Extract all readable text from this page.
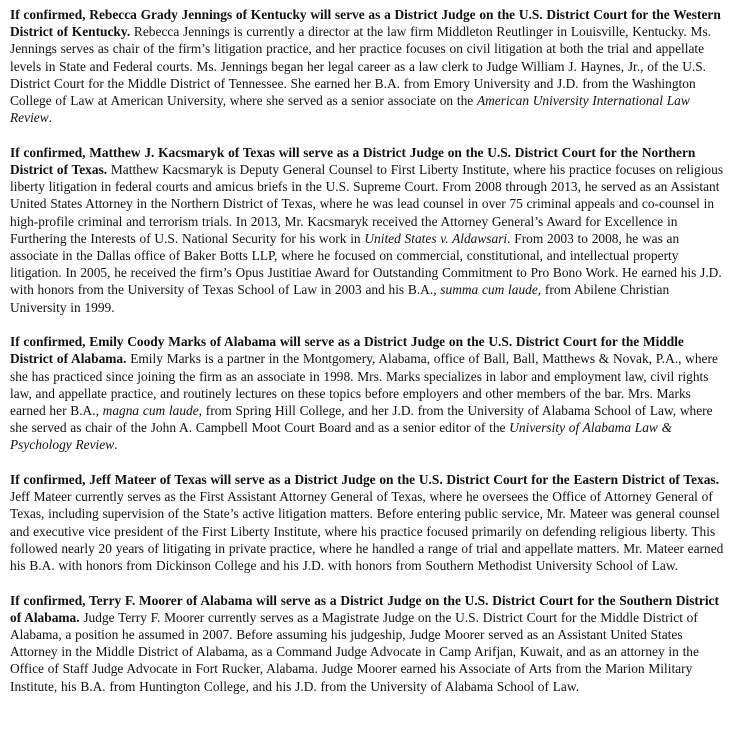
If confirmed, Rebecca Grady Jennings of Kentucky will serve as a District Judge on the U.S. District Court for the Western District of Kentucky. Rebecca Jennings is currently a director at the law firm Middleton Reutlinger in Louisville, Kentucky. Ms. Jennings serves as chair of the firm’s litigation practice, and her practice focuses on civil litigation at both the trial and appellate levels in State and Federal courts. Ms. Jennings began her legal career as a law clerk to Judge William J. Haynes, Jr., of the U.S. District Court for the Middle District of Tennessee. She earned her B.A. from Emory University and J.D. from the Washington College of Law at American University, where she served as a senior associate on the American University International Law Review.

If confirmed, Matthew J. Kacsmaryk of Texas will serve as a District Judge on the U.S. District Court for the Northern District of Texas. Matthew Kacsmaryk is Deputy General Counsel to First Liberty Institute, where his practice focuses on religious liberty litigation in federal courts and amicus briefs in the U.S. Supreme Court. From 2008 through 2013, he served as an Assistant United States Attorney in the Northern District of Texas, where he was lead counsel in over 75 criminal appeals and co-counsel in high-profile criminal and terrorism trials. In 2013, Mr. Kacsmaryk received the Attorney General’s Award for Excellence in Furthering the Interests of U.S. National Security for his work in United States v. Aldawsari. From 2003 to 2008, he was an associate in the Dallas office of Baker Botts LLP, where he focused on commercial, constitutional, and intellectual property litigation. In 2005, he received the firm’s Opus Justitiae Award for Outstanding Commitment to Pro Bono Work. He earned his J.D. with honors from the University of Texas School of Law in 2003 and his B.A., summa cum laude, from Abilene Christian University in 1999.

If confirmed, Emily Coody Marks of Alabama will serve as a District Judge on the U.S. District Court for the Middle District of Alabama. Emily Marks is a partner in the Montgomery, Alabama, office of Ball, Ball, Matthews & Novak, P.A., where she has practiced since joining the firm as an associate in 1998. Mrs. Marks specializes in labor and employment law, civil rights law, and appellate practice, and routinely lectures on these topics before employers and other members of the bar. Mrs. Marks earned her B.A., magna cum laude, from Spring Hill College, and her J.D. from the University of Alabama School of Law, where she served as chair of the John A. Campbell Moot Court Board and as a senior editor of the University of Alabama Law & Psychology Review.

If confirmed, Jeff Mateer of Texas will serve as a District Judge on the U.S. District Court for the Eastern District of Texas. Jeff Mateer currently serves as the First Assistant Attorney General of Texas, where he oversees the Office of Attorney General of Texas, including supervision of the State’s active litigation matters. Before entering public service, Mr. Mateer was general counsel and executive vice president of the First Liberty Institute, where his practice focused primarily on defending religious liberty. This followed nearly 20 years of litigating in private practice, where he handled a range of trial and appellate matters. Mr. Mateer earned his B.A. with honors from Dickinson College and his J.D. with honors from Southern Methodist University School of Law.

If confirmed, Terry F. Moorer of Alabama will serve as a District Judge on the U.S. District Court for the Southern District of Alabama. Judge Terry F. Moorer currently serves as a Magistrate Judge on the U.S. District Court for the Middle District of Alabama, a position he assumed in 2007. Before assuming his judgeship, Judge Moorer served as an Assistant United States Attorney in the Middle District of Alabama, as a Command Judge Advocate in Camp Arifjan, Kuwait, and as an attorney in the Office of Staff Judge Advocate in Fort Rucker, Alabama. Judge Moorer earned his Associate of Arts from the Marion Military Institute, his B.A. from Huntington College, and his J.D. from the University of Alabama School of Law.
